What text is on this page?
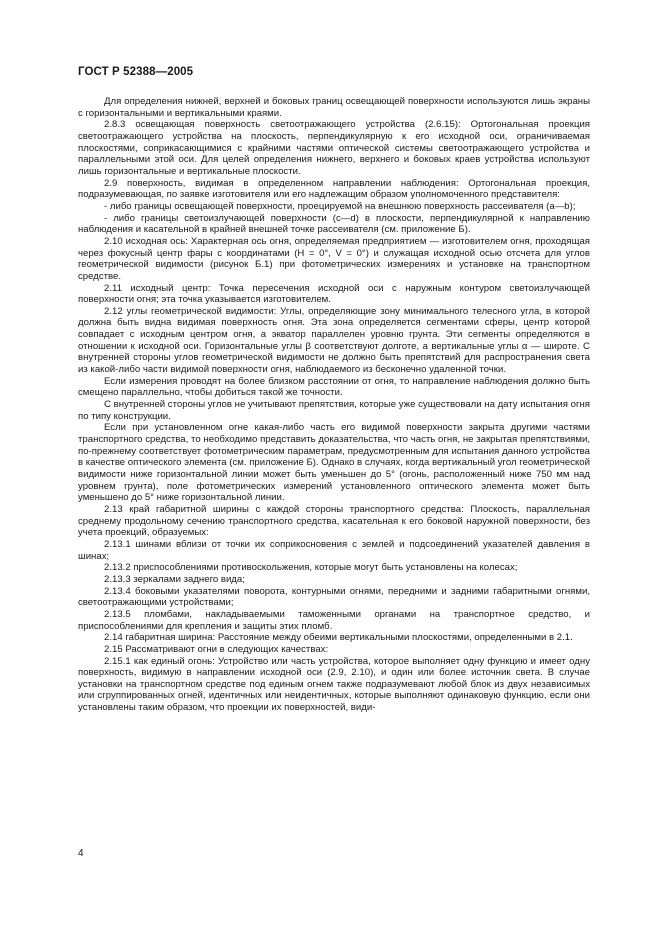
ГОСТ Р 52388—2005

Для определения нижней, верхней и боковых границ освещающей поверхности используются лишь экраны с горизонтальными и вертикальными краями.

2.8.3 освещающая поверхность светоотражающего устройства (2.6.15): Ортогональная проекция светоотражающего устройства на плоскость, перпендикулярную к его исходной оси, ограничиваемая плоскостями, соприкасающимися с крайними частями оптической системы светоотражающего устройства и параллельными этой оси. Для целей определения нижнего, верхнего и боковых краев устройства используют лишь горизонтальные и вертикальные плоскости.

2.9 поверхность, видимая в определенном направлении наблюдения: Ортогональная проекция, подразумевающая, по заявке изготовителя или его надлежащим образом уполномоченного представителя:

- либо границы освещающей поверхности, проецируемой на внешнюю поверхность рассеивателя (a—b);

- либо границы светоизлучающей поверхности (c—d) в плоскости, перпендикулярной к направлению наблюдения и касательной в крайней внешней точке рассеивателя (см. приложение Б).

2.10 исходная ось: Характерная ось огня, определяемая предприятием — изготовителем огня, проходящая через фокусный центр фары с координатами (H = 0°, V = 0°) и служащая исходной осью отсчета для углов геометрической видимости (рисунок Б.1) при фотометрических измерениях и установке на транспортном средстве.

2.11 исходный центр: Точка пересечения исходной оси с наружным контуром светоизлучающей поверхности огня; эта точка указывается изготовителем.

2.12 углы геометрической видимости: Углы, определяющие зону минимального телесного угла, в которой должна быть видна видимая поверхность огня. Эта зона определяется сегментами сферы, центр которой совпадает с исходным центром огня, а экватор параллелен уровню грунта. Эти сегменты определяются в отношении к исходной оси. Горизонтальные углы β соответствуют долготе, а вертикальные углы α — широте. С внутренней стороны углов геометрической видимости не должно быть препятствий для распространения света из какой-либо части видимой поверхности огня, наблюдаемого из бесконечно удаленной точки.

Если измерения проводят на более близком расстоянии от огня, то направление наблюдения должно быть смещено параллельно, чтобы добиться такой же точности.

С внутренней стороны углов не учитывают препятствия, которые уже существовали на дату испытания огня по типу конструкции.

Если при установленном огне какая-либо часть его видимой поверхности закрыта другими частями транспортного средства, то необходимо представить доказательства, что часть огня, не закрытая препятствиями, по-прежнему соответствует фотометрическим параметрам, предусмотренным для испытания данного устройства в качестве оптического элемента (см. приложение Б). Однако в случаях, когда вертикальный угол геометрической видимости ниже горизонтальной линии может быть уменьшен до 5° (огонь, расположенный ниже 750 мм над уровнем грунта), поле фотометрических измерений установленного оптического элемента может быть уменьшено до 5° ниже горизонтальной линии.

2.13 край габаритной ширины с каждой стороны транспортного средства: Плоскость, параллельная среднему продольному сечению транспортного средства, касательная к его боковой наружной поверхности, без учета проекций, образуемых:

2.13.1 шинами вблизи от точки их соприкосновения с землей и подсоединений указателей давления в шинах;

2.13.2 приспособлениями противоскольжения, которые могут быть установлены на колесах;

2.13.3 зеркалами заднего вида;

2.13.4 боковыми указателями поворота, контурными огнями, передними и задними габаритными огнями, светоотражающими устройствами;

2.13.5 пломбами, накладываемыми таможенными органами на транспортное средство, и приспособлениями для крепления и защиты этих пломб.

2.14 габаритная ширина: Расстояние между обеими вертикальными плоскостями, определенными в 2.1.

2.15 Рассматривают огни в следующих качествах:

2.15.1 как единый огонь: Устройство или часть устройства, которое выполняет одну функцию и имеет одну поверхность, видимую в направлении исходной оси (2.9, 2.10), и один или более источник света. В случае установки на транспортном средстве под единым огнем также подразумевают любой блок из двух независимых или сгруппированных огней, идентичных или неидентичных, которые выполняют одинаковую функцию, если они установлены таким образом, что проекции их поверхностей, види-

4
